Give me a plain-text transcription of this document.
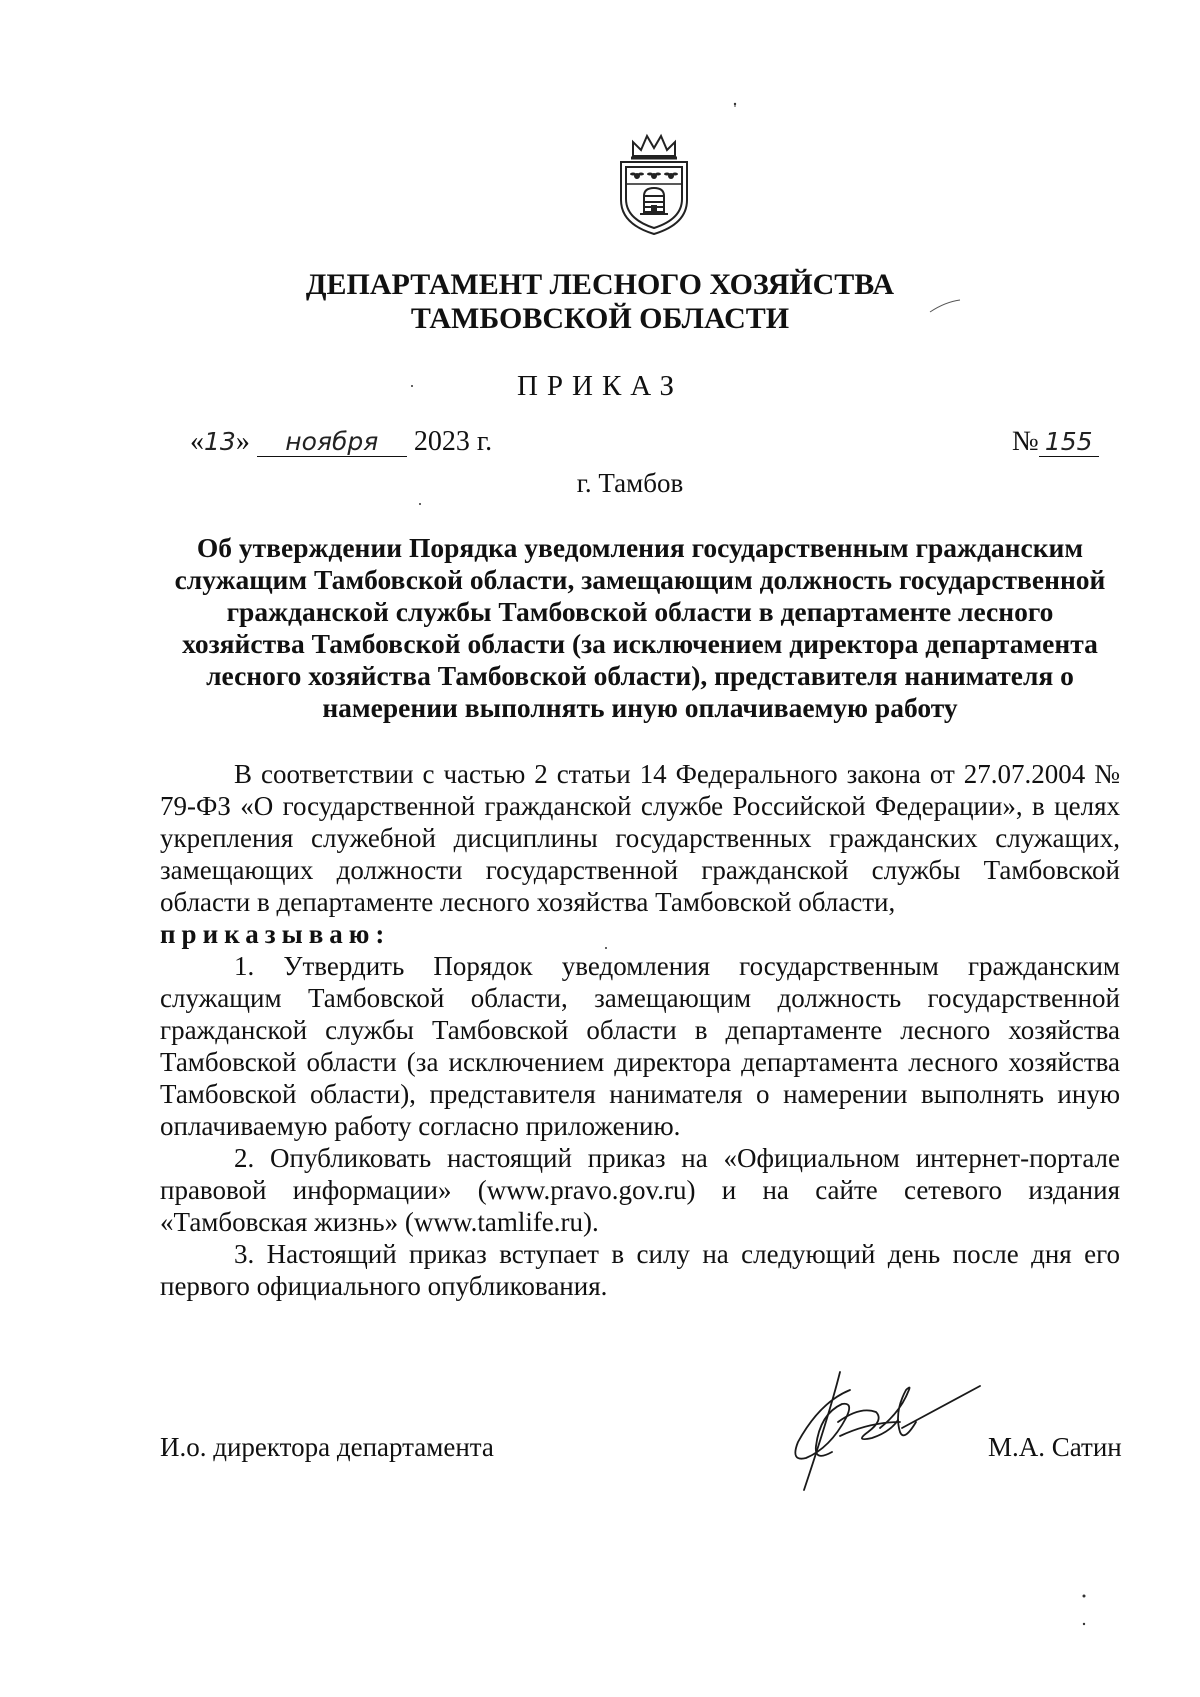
ДЕПАРТАМЕНТ ЛЕСНОГО ХОЗЯЙСТВА
ТАМБОВСКОЙ ОБЛАСТИ
ПРИКАЗ
«13» ноября 2023 г.	№ 155
г. Тамбов
Об утверждении Порядка уведомления государственным гражданским
служащим Тамбовской области, замещающим должность государственной
гражданской службы Тамбовской области в департаменте лесного
хозяйства Тамбовской области (за исключением директора департамента
лесного хозяйства Тамбовской области), представителя нанимателя о
намерении выполнять иную оплачиваемую работу

В соответствии с частью 2 статьи 14 Федерального закона от 27.07.2004 № 79-ФЗ «О государственной гражданской службе Российской Федерации», в целях укрепления служебной дисциплины государственных гражданских служащих, замещающих должности государственной гражданской службы Тамбовской области в департаменте лесного хозяйства Тамбовской области,

приказываю:

1. Утвердить Порядок уведомления государственным гражданским служащим Тамбовской области, замещающим должность государственной гражданской службы Тамбовской области в департаменте лесного хозяйства Тамбовской области (за исключением директора департамента лесного хозяйства Тамбовской области), представителя нанимателя о намерении выполнять иную оплачиваемую работу согласно приложению.

2. Опубликовать настоящий приказ на «Официальном интернет-портале правовой информации» (www.pravo.gov.ru) и на сайте сетевого издания «Тамбовская жизнь» (www.tamlife.ru).

3. Настоящий приказ вступает в силу на следующий день после дня его первого официального опубликования.

И.о. директора департамента	М.А. Сатин
